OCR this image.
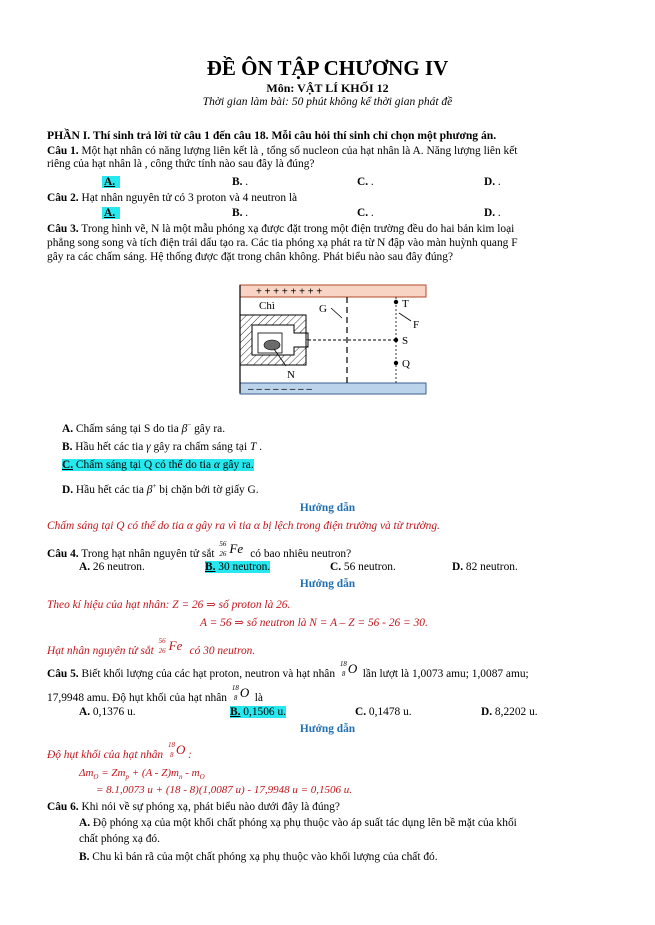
ĐỀ ÔN TẬP CHƯƠNG IV
Môn: VẬT LÍ KHỐI 12
Thời gian làm bài: 50 phút không kể thời gian phát đề
PHẦN I. Thí sinh trả lời từ câu 1 đến câu 18. Mỗi câu hỏi thí sinh chỉ chọn một phương án.
Câu 1. Một hạt nhân có năng lượng liên kết là , tổng số nucleon của hạt nhân là A. Năng lượng liên kết
riêng của hạt nhân là , công thức tính nào sau đây là đúng?
A.	B. .	C. .	D. .
Câu 2. Hạt nhân nguyên tử có 3 proton và 4 neutron là
A.	B. .	C. .	D. .
Câu 3. Trong hình vẽ, N là một mẫu phóng xạ được đặt trong một điện trường đều do hai bản kim loại
phẳng song song và tích điện trái dấu tạo ra. Các tia phóng xạ phát ra từ N đập vào màn huỳnh quang F
gây ra các chấm sáng. Hệ thống được đặt trong chân không. Phát biểu nào sau đây đúng?
+ + + + + + + +
– – – – – – – –
Chì	G	T
F
S
Q
N
A. Chấm sáng tại S do tia β− gây ra.
B. Hầu hết các tia γ gây ra chấm sáng tại T .
C. Chấm sáng tại Q có thể do tia α gây ra.
D. Hầu hết các tia β+ bị chặn bởi tờ giấy G.
Hướng dẫn
Chấm sáng tại Q có thể do tia α gây ra vì tia α bị lệch trong điện trường và từ trường.
Câu 4. Trong hạt nhân nguyên tử sắt
56
26 Fe có bao nhiêu neutron?
A. 26 neutron.	B. 30 neutron.	C. 56 neutron.	D. 82 neutron.
Hướng dẫn
Theo kí hiệu của hạt nhân: Z = 26 ⇒ số proton là 26.
A = 56 ⇒ số neutron là N = A – Z = 56 - 26 = 30.
Hạt nhân nguyên tử sắt
56
26 Fe có 30 neutron.
Câu 5. Biết khối lượng của các hạt proton, neutron và hạt nhân
18
8 O lần lượt là 1,0073 amu; 1,0087 amu;
17,9948 amu. Độ hụt khối của hạt nhân
18
8 O là
A. 0,1376 u.	B. 0,1506 u.	C. 0,1478 u.	D. 8,2202 u.
Hướng dẫn
Độ hụt khối của hạt nhân
18
8 O :
$\Delta m_O = Zm_p + (A - Z)m_n - m_O$
= 8.1,0073 u + (18 - 8)(1,0087 u) - 17,9948 u = 0,1506 u.
Câu 6. Khi nói về sự phóng xạ, phát biểu nào dưới đây là đúng?
A. Độ phóng xạ của một khối chất phóng xạ phụ thuộc vào áp suất tác dụng lên bề mặt của khối
chất phóng xạ đó.
B. Chu kì bán rã của một chất phóng xạ phụ thuộc vào khối lượng của chất đó.
